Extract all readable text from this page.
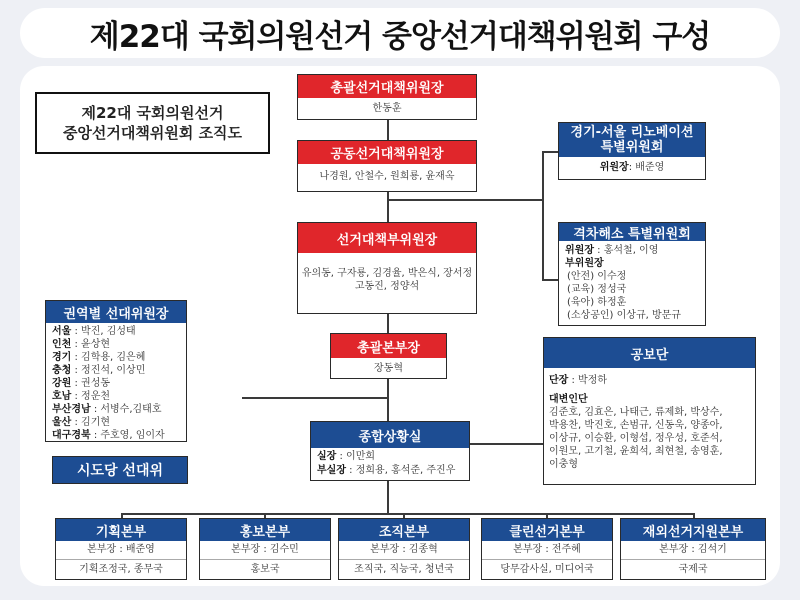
제22대 국회의원선거 중앙선거대책위원회 구성
제22대 국회의원선거
중앙선거대책위원회 조직도
총괄선거대책위원장
한동훈
공동선거대책위원장
나경원, 안철수, 원희룡, 윤재옥
선거대책부위원장
유의동, 구자룡, 김경율, 박은식, 장서정
고동진, 정양석
경기-서울 리노베이션
특별위원회
위원장: 배준영
격차해소 특별위원회
위원장 : 홍석철, 이영
부위원장
(안전) 이수정
(교육) 정성국
(육아) 하정훈
(소상공인) 이상규, 방문규
권역별 선대위원장
서울 : 박진, 김성태
인천 : 윤상현
경기 : 김학용, 김은혜
충청 : 정진석, 이상민
강원 : 권성동
호남 : 정운천
부산경남 : 서병수,김태호
울산 : 김기현
대구경북 : 주호영, 임이자
시도당 선대위
총괄본부장
장동혁
공보단
단장 : 박정하
대변인단
김준호, 김효은, 나태근, 류제화, 박상수,
박용찬, 박진호, 손범규, 신동욱, 양종아,
이상규, 이승환, 이형섭, 정우성, 호준석,
이원모, 고기철, 윤희석, 최현철, 송영훈,
이충형
종합상황실
실장 : 이만희
부실장 : 정희용, 홍석준, 주진우
기획본부
본부장 : 배준영
기획조정국, 종무국
홍보본부
본부장 : 김수민
홍보국
조직본부
본부장 : 김종혁
조직국, 직능국, 청년국
클린선거본부
본부장 : 전주혜
당무감사실, 미디어국
재외선거지원본부
본부장 : 김석기
국제국
